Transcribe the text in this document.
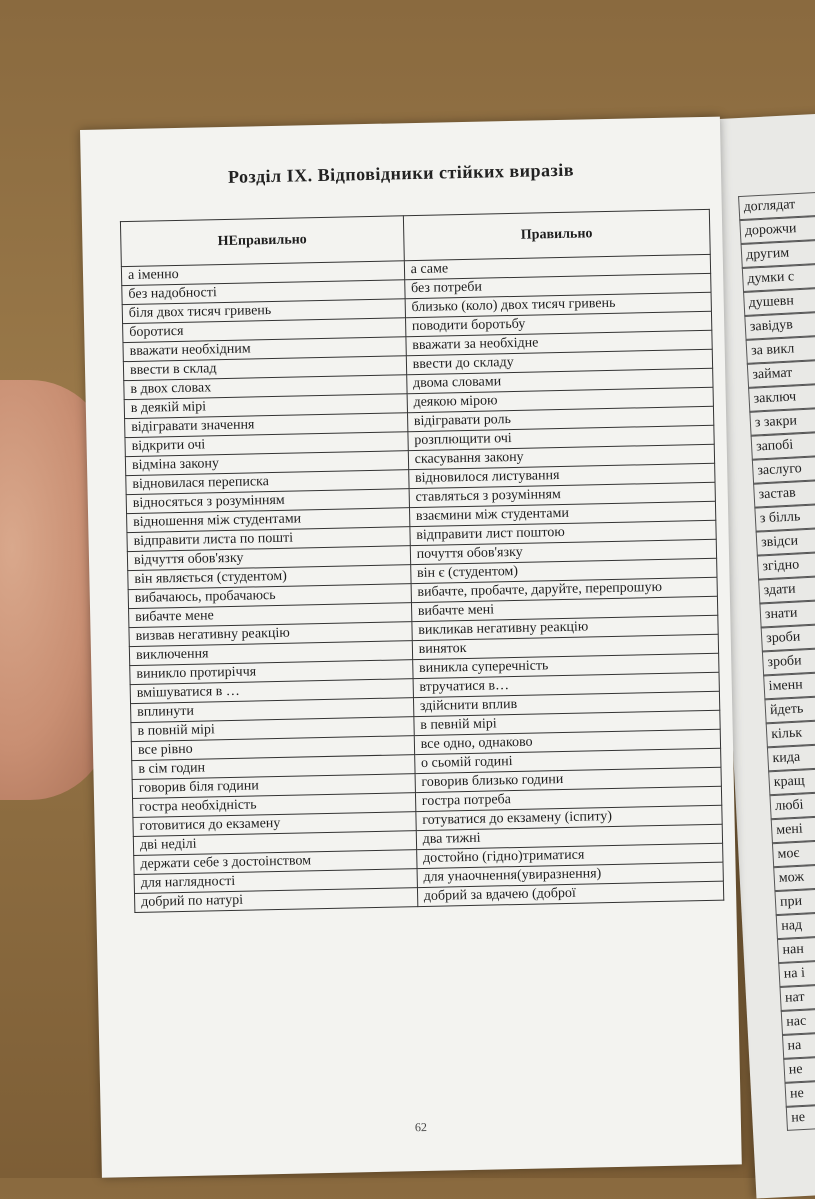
доглядат
дорожчи
другим
думки с
душевн
завідув
за викл
займат
заключ
з закри
запобі
заслуго
застав
з білль
звідси
згідно
здати
знати
зроби
зроби
іменн
йдеть
кільк
кида
кращ
любі
мені
моє
мож
при
над
нан
на і
нат
нас
на
не
не
не
Розділ ІХ. Відповідники стійких виразів
НЕправильно	Правильно
а іменно	а саме
без надобності	без потреби
біля двох тисяч гривень	близько (коло) двох тисяч гривень
боротися	поводити боротьбу
вважати необхідним	вважати за необхідне
ввести в склад	ввести до складу
в двох словах	двома словами
в деякій мірі	деякою мірою
відігравати значення	відігравати роль
відкрити очі	розплющити очі
відміна закону	скасування закону
відновилася переписка	відновилося листування
відносяться з розумінням	ставляться з розумінням
відношення між студентами	взаємини між студентами
відправити листа по пошті	відправити лист поштою
відчуття обов'язку	почуття обов'язку
він являється (студентом)	він є (студентом)
вибачаюсь, пробачаюсь	вибачте, пробачте, даруйте, перепрошую
вибачте мене	вибачте мені
визвав негативну реакцію	викликав негативну реакцію
виключення	виняток
виникло протиріччя	виникла суперечність
вмішуватися в …	втручатися в…
вплинути	здійснити вплив
в повній мірі	в певній мірі
все рівно	все одно, однаково
в сім годин	о сьомій годині
говорив біля години	говорив близько години
гостра необхідність	гостра потреба
готовитися до екзамену	готуватися до екзамену (іспиту)
дві неділі	два тижні
держати себе з достоінством	достойно (гідно)триматися
для наглядності	для унаочнення(увиразнення)
добрий по натурі	добрий за вдачею (доброї
62
